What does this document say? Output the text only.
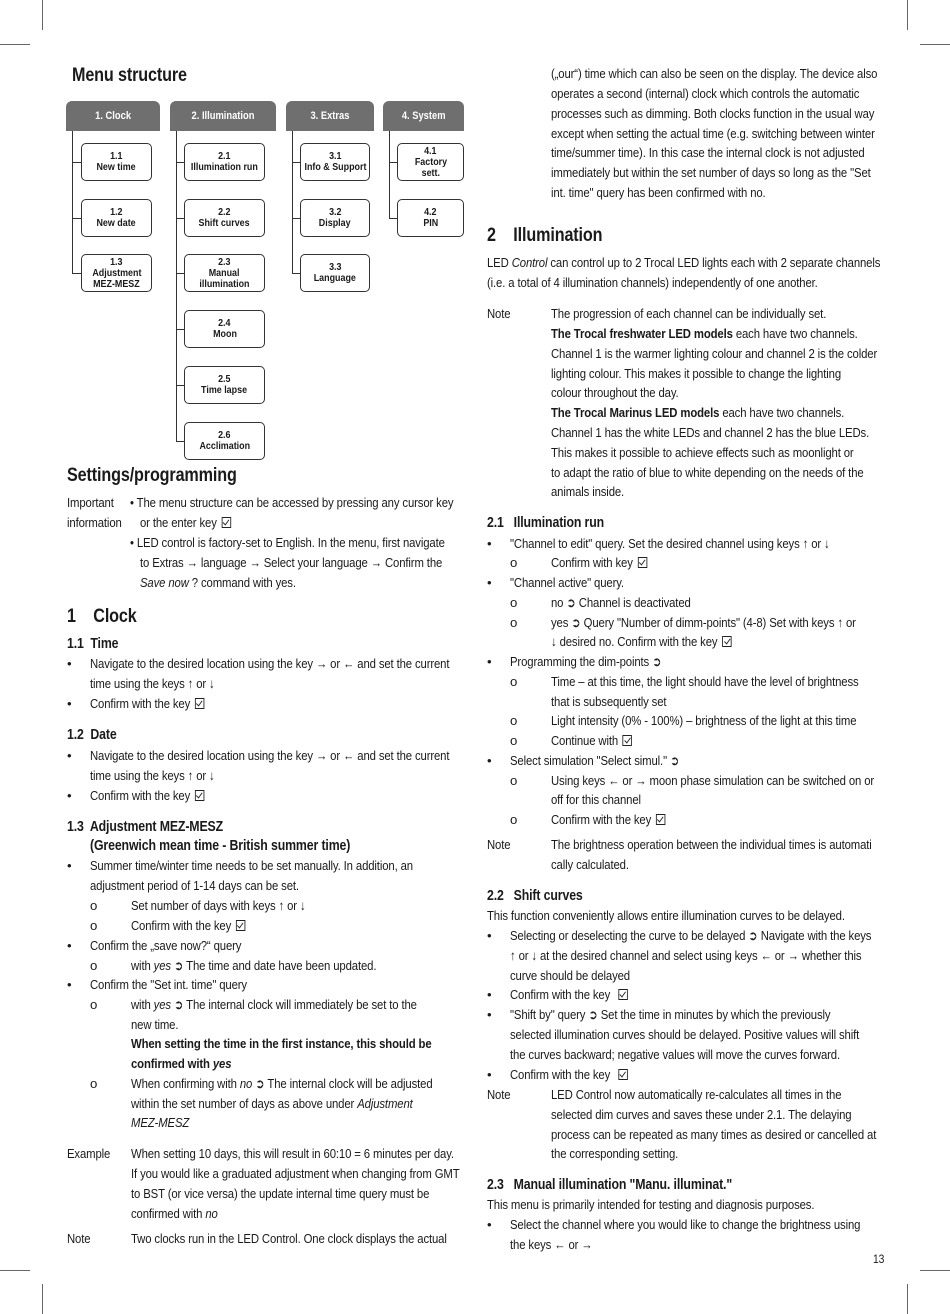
Menu structure
1. Clock	2. Illumination	3. Extras	4. System
1.1
New time
1.2
New date
1.3
Adjustment
MEZ-MESZ
2.1
Illumination run
2.2
Shift curves
2.3
Manual
illumination
2.4
Moon
2.5
Time lapse
2.6
Acclimation
3.1
Info & Support
3.2
Display
3.3
Language
4.1
Factory
sett.
4.2
PIN
Settings/programming
Important
information
• The menu structure can be accessed by pressing any cursor key
or the enter key
• LED control is factory-set to English. In the menu, first navigate
to Extras → language → Select your language → Confirm the
Save now ? command with yes.
1    Clock
1.1  Time
• Navigate to the desired location using the key → or ← and set the current
time using the keys ↑ or ↓
• Confirm with the key
1.2  Date
• Navigate to the desired location using the key → or ← and set the current
time using the keys ↑ or ↓
• Confirm with the key
1.3  Adjustment MEZ-MESZ
(Greenwich mean time - British summer time)
• Summer time/winter time needs to be set manually. In addition, an
adjustment period of 1-14 days can be set.
o	Set number of days with keys ↑ or ↓
o	Confirm with the key
• Confirm the „save now?“ query
o	with yes ➲ The time and date have been updated.
• Confirm the "Set int. time" query
o	with yes ➲ The internal clock will immediately be set to the
new time.
When setting the time in the first instance, this should be
confirmed with yes
o	When confirming with no ➲ The internal clock will be adjusted
within the set number of days as above under Adjustment
MEZ-MESZ
Example When setting 10 days, this will result in 60:10 = 6 minutes per day.
If you would like a graduated adjustment when changing from GMT
to BST (or vice versa) the update internal time query must be
confirmed with no
Note	Two clocks run in the LED Control. One clock displays the actual
(„our“) time which can also be seen on the display. The device also
operates a second (internal) clock which controls the automatic
processes such as dimming. Both clocks function in the usual way
except when setting the actual time (e.g. switching between winter
time/summer time). In this case the internal clock is not adjusted
immediately but within the set number of days so long as the "Set
int. time" query has been confirmed with no.
2    Illumination
LED Control can control up to 2 Trocal LED lights each with 2 separate channels
(i.e. a total of 4 illumination channels) independently of one another.
Note	The progression of each channel can be individually set.
The Trocal freshwater LED models each have two channels.
Channel 1 is the warmer lighting colour and channel 2 is the colder
lighting colour. This makes it possible to change the lighting
colour throughout the day.
The Trocal Marinus LED models each have two channels.
Channel 1 has the white LEDs and channel 2 has the blue LEDs.
This makes it possible to achieve effects such as moonlight or
to adapt the ratio of blue to white depending on the needs of the
animals inside.
2.1   Illumination run
• "Channel to edit" query. Set the desired channel using keys ↑ or ↓
o	Confirm with key
• "Channel active" query.
o	no ➲ Channel is deactivated
o	yes ➲ Query "Number of dimm-points" (4-8) Set with keys ↑ or
↓ desired no. Confirm with the key
• Programming the dim-points ➲
o	Time – at this time, the light should have the level of brightness
that is subsequently set
o	Light intensity (0% - 100%) – brightness of the light at this time
o	Continue with
• Select simulation "Select simul." ➲
o	Using keys ← or → moon phase simulation can be switched on or
off for this channel
o	Confirm with the key
Note	The brightness operation between the individual times is automati
cally calculated.
2.2   Shift curves
This function conveniently allows entire illumination curves to be delayed.
• Selecting or deselecting the curve to be delayed ➲ Navigate with the keys
↑ or ↓ at the desired channel and select using keys ← or → whether this
curve should be delayed
• Confirm with the key
• "Shift by" query ➲ Set the time in minutes by which the previously
selected illumination curves should be delayed. Positive values will shift
the curves backward; negative values will move the curves forward.
• Confirm with the key
Note	LED Control now automatically re-calculates all times in the
selected dim curves and saves these under 2.1. The delaying
process can be repeated as many times as desired or cancelled at
the corresponding setting.
2.3   Manual illumination "Manu. illuminat."
This menu is primarily intended for testing and diagnosis purposes.
• Select the channel where you would like to change the brightness using
the keys ← or →
13
